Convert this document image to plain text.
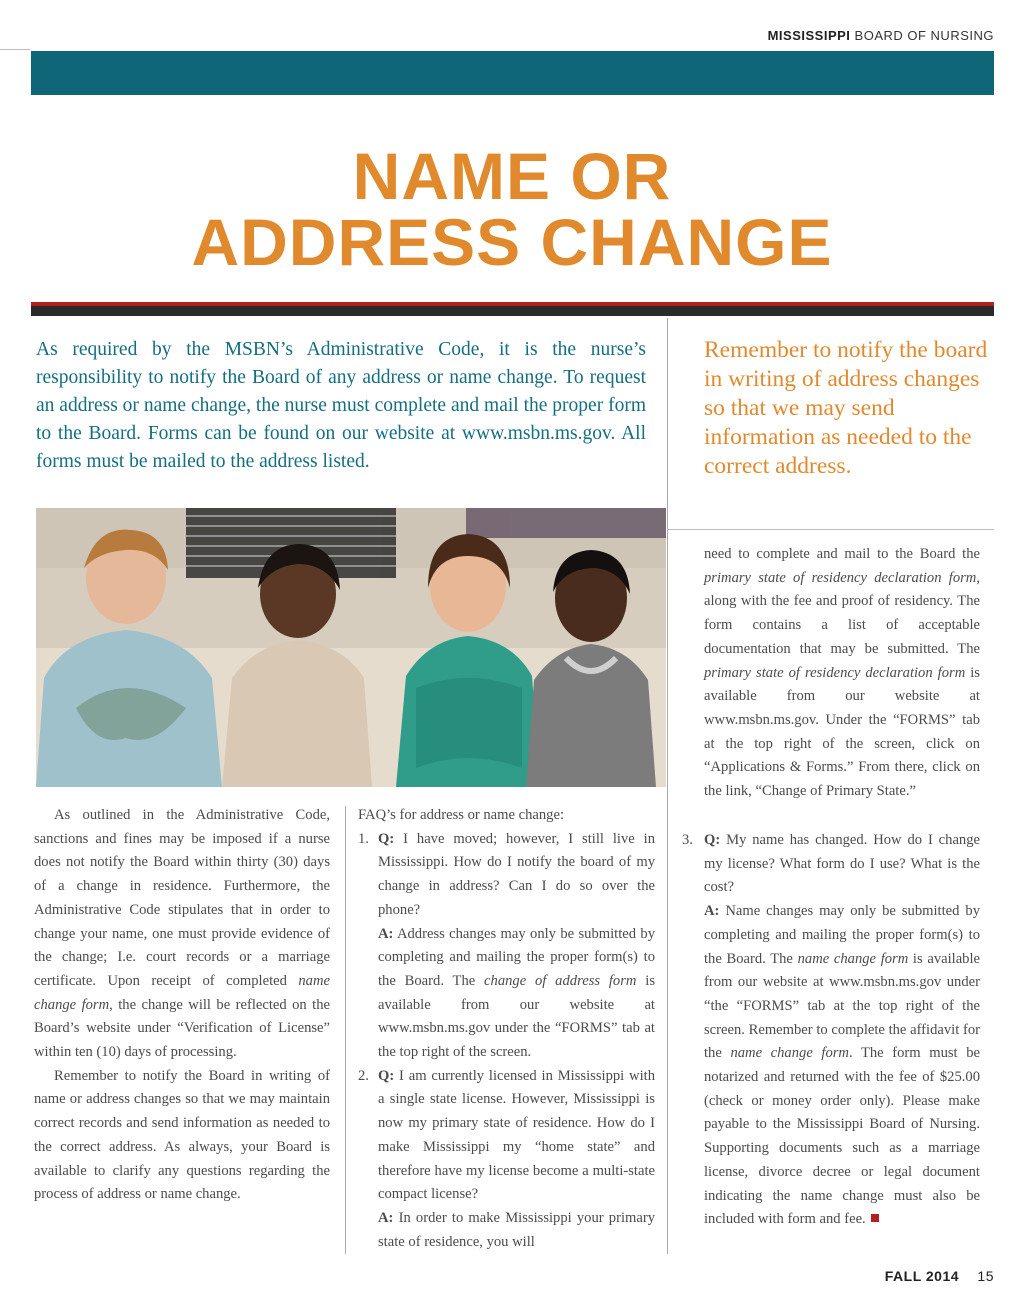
MISSISSIPPI BOARD OF NURSING
NAME OR
ADDRESS CHANGE
As required by the MSBN’s Administrative Code, it is the nurse’s responsibility to notify the Board of any address or name change. To request an address or name change, the nurse must complete and mail the proper form to the Board. Forms can be found on our website at www.msbn.ms.gov. All forms must be mailed to the address listed.
Remember to notify the board in writing of address changes so that we may send information as needed to the correct address.

As outlined in the Administrative Code, sanctions and fines may be imposed if a nurse does not notify the Board within thirty (30) days of a change in residence. Furthermore, the Administrative Code stipulates that in order to change your name, one must provide evidence of the change; I.e. court records or a marriage certificate. Upon receipt of completed name change form, the change will be reflected on the Board’s website under “Verification of License” within ten (10) days of processing.

Remember to notify the Board in writing of name or address changes so that we may maintain correct records and send information as needed to the correct address. As always, your Board is available to clarify any questions regarding the process of address or name change.

FAQ’s for address or name change:

1. Q: I have moved; however, I still live in Mississippi. How do I notify the board of my change in address? Can I do so over the phone?

A: Address changes may only be submitted by completing and mailing the proper form(s) to the Board. The change of address form is available from our website at www.msbn.ms.gov under the “FORMS” tab at the top right of the screen.

2. Q: I am currently licensed in Mississippi with a single state license. However, Mississippi is now my primary state of residence. How do I make Mississippi my “home state” and therefore have my license become a multi-state compact license?

A: In order to make Mississippi your primary state of residence, you will

need to complete and mail to the Board the primary state of residency declaration form, along with the fee and proof of residency. The form contains a list of acceptable documentation that may be submitted. The primary state of residency declaration form is available from our website at www.msbn.ms.gov. Under the “FORMS” tab at the top right of the screen, click on “Applications & Forms.” From there, click on the link, “Change of Primary State.”

3. Q: My name has changed. How do I change my license? What form do I use? What is the cost?

A: Name changes may only be submitted by completing and mailing the proper form(s) to the Board. The name change form is available from our website at www.msbn.ms.gov under “the “FORMS” tab at the top right of the screen. Remember to complete the affidavit for the name change form. The form must be notarized and returned with the fee of $25.00 (check or money order only). Please make payable to the Mississippi Board of Nursing. Supporting documents such as a marriage license, divorce decree or legal document indicating the name change must also be included with form and fee.

FALL 2014 15
